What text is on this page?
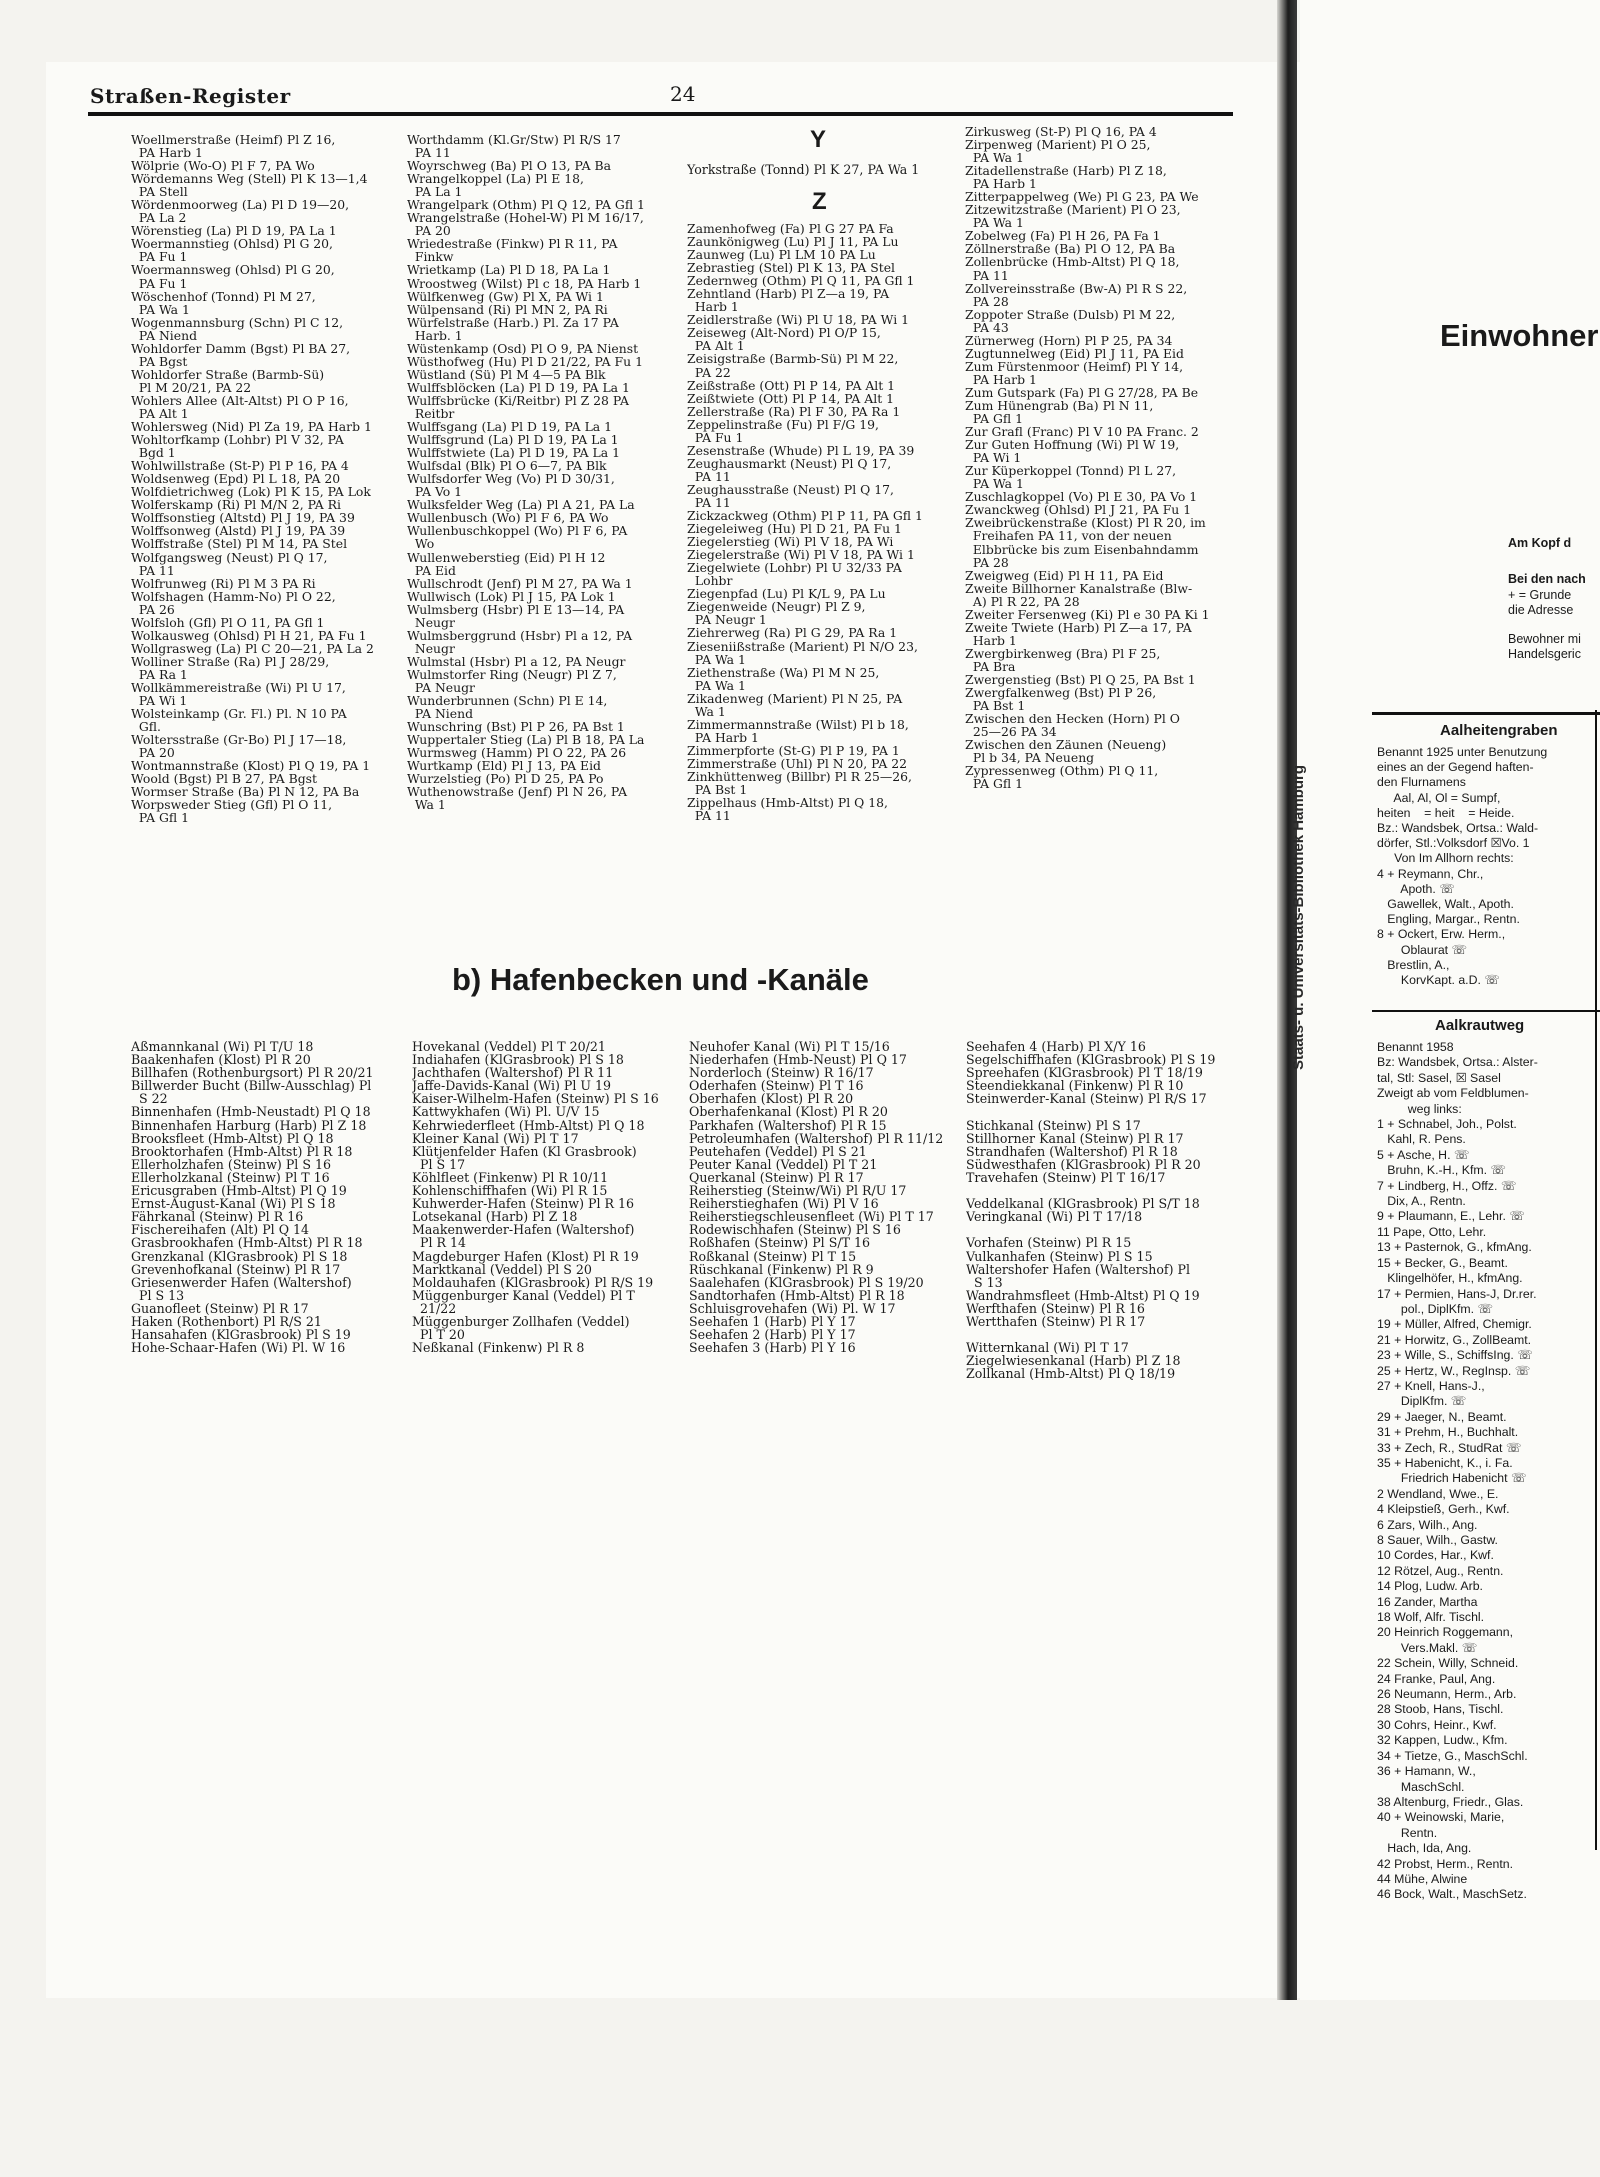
Straßen-Register	24
Woellmerstraße (Heimf) Pl Z 16,
PA Harb 1
Wölprie (Wo-O) Pl F 7, PA Wo
Wördemanns Weg (Stell) Pl K 13—1,4
PA Stell
Wördenmoorweg (La) Pl D 19—20,
PA La 2
Wörenstieg (La) Pl D 19, PA La 1
Woermannstieg (Ohlsd) Pl G 20,
PA Fu 1
Woermannsweg (Ohlsd) Pl G 20,
PA Fu 1
Wöschenhof (Tonnd) Pl M 27,
PA Wa 1
Wogenmannsburg (Schn) Pl C 12,
PA Niend
Wohldorfer Damm (Bgst) Pl BA 27,
PA Bgst
Wohldorfer Straße (Barmb-Sü)
Pl M 20/21, PA 22
Wohlers Allee (Alt-Altst) Pl O P 16,
PA Alt 1
Wohlersweg (Nid) Pl Za 19, PA Harb 1
Wohltorfkamp (Lohbr) Pl V 32, PA
Bgd 1
Wohlwillstraße (St-P) Pl P 16, PA 4
Woldsenweg (Epd) Pl L 18, PA 20
Wolfdietrichweg (Lok) Pl K 15, PA Lok
Wolferskamp (Ri) Pl M/N 2, PA Ri
Wolffsonstieg (Altstd) Pl J 19, PA 39
Wolffsonweg (Alstd) Pl J 19, PA 39
Wolffstraße (Stel) Pl M 14, PA Stel
Wolfgangsweg (Neust) Pl Q 17,
PA 11
Wolfrunweg (Ri) Pl M 3 PA Ri
Wolfshagen (Hamm-No) Pl O 22,
PA 26
Wolfsloh (Gfl) Pl O 11, PA Gfl 1
Wolkausweg (Ohlsd) Pl H 21, PA Fu 1
Wollgrasweg (La) Pl C 20—21, PA La 2
Wolliner Straße (Ra) Pl J 28/29,
PA Ra 1
Wollkämmereistraße (Wi) Pl U 17,
PA Wi 1
Wolsteinkamp (Gr. Fl.) Pl. N 10 PA
Gfl.
Woltersstraße (Gr-Bo) Pl J 17—18,
PA 20
Wontmannstraße (Klost) Pl Q 19, PA 1
Woold (Bgst) Pl B 27, PA Bgst
Wormser Straße (Ba) Pl N 12, PA Ba
Worpsweder Stieg (Gfl) Pl O 11,
PA Gfl 1
Worthdamm (Kl.Gr/Stw) Pl R/S 17
PA 11
Woyrschweg (Ba) Pl O 13, PA Ba
Wrangelkoppel (La) Pl E 18,
PA La 1
Wrangelpark (Othm) Pl Q 12, PA Gfl 1
Wrangelstraße (Hohel-W) Pl M 16/17,
PA 20
Wriedestraße (Finkw) Pl R 11, PA
Finkw
Wrietkamp (La) Pl D 18, PA La 1
Wroostweg (Wilst) Pl c 18, PA Harb 1
Wülfkenweg (Gw) Pl X, PA Wi 1
Wülpensand (Ri) Pl MN 2, PA Ri
Würfelstraße (Harb.) Pl. Za 17 PA
Harb. 1
Wüstenkamp (Osd) Pl O 9, PA Nienst
Wüsthofweg (Hu) Pl D 21/22, PA Fu 1
Wüstland (Sü) Pl M 4—5 PA Blk
Wulffsblöcken (La) Pl D 19, PA La 1
Wulffsbrücke (Ki/Reitbr) Pl Z 28 PA
Reitbr
Wulffsgang (La) Pl D 19, PA La 1
Wulffsgrund (La) Pl D 19, PA La 1
Wulffstwiete (La) Pl D 19, PA La 1
Wulfsdal (Blk) Pl O 6—7, PA Blk
Wulfsdorfer Weg (Vo) Pl D 30/31,
PA Vo 1
Wulksfelder Weg (La) Pl A 21, PA La
Wullenbusch (Wo) Pl F 6, PA Wo
Wullenbuschkoppel (Wo) Pl F 6, PA
Wo
Wullenweberstieg (Eid) Pl H 12
PA Eid
Wullschrodt (Jenf) Pl M 27, PA Wa 1
Wullwisch (Lok) Pl J 15, PA Lok 1
Wulmsberg (Hsbr) Pl E 13—14, PA
Neugr
Wulmsberggrund (Hsbr) Pl a 12, PA
Neugr
Wulmstal (Hsbr) Pl a 12, PA Neugr
Wulmstorfer Ring (Neugr) Pl Z 7,
PA Neugr
Wunderbrunnen (Schn) Pl E 14,
PA Niend
Wunschring (Bst) Pl P 26, PA Bst 1
Wuppertaler Stieg (La) Pl B 18, PA La
Wurmsweg (Hamm) Pl O 22, PA 26
Wurtkamp (Eld) Pl J 13, PA Eid
Wurzelstieg (Po) Pl D 25, PA Po
Wuthenowstraße (Jenf) Pl N 26, PA
Wa 1
Y
Yorkstraße (Tonnd) Pl K 27, PA Wa 1
Z
Zamenhofweg (Fa) Pl G 27 PA Fa
Zaunkönigweg (Lu) Pl J 11, PA Lu
Zaunweg (Lu) Pl LM 10 PA Lu
Zebrastieg (Stel) Pl K 13, PA Stel
Zedernweg (Othm) Pl Q 11, PA Gfl 1
Zehntland (Harb) Pl Z—a 19, PA
Harb 1
Zeidlerstraße (Wi) Pl U 18, PA Wi 1
Zeiseweg (Alt-Nord) Pl O/P 15,
PA Alt 1
Zeisigstraße (Barmb-Sü) Pl M 22,
PA 22
Zeißstraße (Ott) Pl P 14, PA Alt 1
Zeißtwiete (Ott) Pl P 14, PA Alt 1
Zellerstraße (Ra) Pl F 30, PA Ra 1
Zeppelinstraße (Fu) Pl F/G 19,
PA Fu 1
Zesenstraße (Whude) Pl L 19, PA 39
Zeughausmarkt (Neust) Pl Q 17,
PA 11
Zeughausstraße (Neust) Pl Q 17,
PA 11
Zickzackweg (Othm) Pl P 11, PA Gfl 1
Ziegeleiweg (Hu) Pl D 21, PA Fu 1
Ziegelerstieg (Wi) Pl V 18, PA Wi
Ziegelerstraße (Wi) Pl V 18, PA Wi 1
Ziegelwiete (Lohbr) Pl U 32/33 PA
Lohbr
Ziegenpfad (Lu) Pl K/L 9, PA Lu
Ziegenweide (Neugr) Pl Z 9,
PA Neugr 1
Ziehrerweg (Ra) Pl G 29, PA Ra 1
Zieseniißstraße (Marient) Pl N/O 23,
PA Wa 1
Ziethenstraße (Wa) Pl M N 25,
PA Wa 1
Zikadenweg (Marient) Pl N 25, PA
Wa 1
Zimmermannstraße (Wilst) Pl b 18,
PA Harb 1
Zimmerpforte (St-G) Pl P 19, PA 1
Zimmerstraße (Uhl) Pl N 20, PA 22
Zinkhüttenweg (Billbr) Pl R 25—26,
PA Bst 1
Zippelhaus (Hmb-Altst) Pl Q 18,
PA 11
Zirkusweg (St-P) Pl Q 16, PA 4
Zirpenweg (Marient) Pl O 25,
PA Wa 1
Zitadellenstraße (Harb) Pl Z 18,
PA Harb 1
Zitterpappelweg (We) Pl G 23, PA We
Zitzewitzstraße (Marient) Pl O 23,
PA Wa 1
Zobelweg (Fa) Pl H 26, PA Fa 1
Zöllnerstraße (Ba) Pl O 12, PA Ba
Zollenbrücke (Hmb-Altst) Pl Q 18,
PA 11
Zollvereinsstraße (Bw-A) Pl R S 22,
PA 28
Zoppoter Straße (Dulsb) Pl M 22,
PA 43
Zürnerweg (Horn) Pl P 25, PA 34
Zugtunnelweg (Eid) Pl J 11, PA Eid
Zum Fürstenmoor (Heimf) Pl Y 14,
PA Harb 1
Zum Gutspark (Fa) Pl G 27/28, PA Be
Zum Hünengrab (Ba) Pl N 11,
PA Gfl 1
Zur Grafl (Franc) Pl V 10 PA Franc. 2
Zur Guten Hoffnung (Wi) Pl W 19,
PA Wi 1
Zur Küperkoppel (Tonnd) Pl L 27,
PA Wa 1
Zuschlagkoppel (Vo) Pl E 30, PA Vo 1
Zwanckweg (Ohlsd) Pl J 21, PA Fu 1
Zweibrückenstraße (Klost) Pl R 20, im
Freihafen PA 11, von der neuen
Elbbrücke bis zum Eisenbahndamm
PA 28
Zweigweg (Eid) Pl H 11, PA Eid
Zweite Billhorner Kanalstraße (Blw-
A) Pl R 22, PA 28
Zweiter Fersenweg (Ki) Pl e 30 PA Ki 1
Zweite Twiete (Harb) Pl Z—a 17, PA
Harb 1
Zwergbirkenweg (Bra) Pl F 25,
PA Bra
Zwergenstieg (Bst) Pl Q 25, PA Bst 1
Zwergfalkenweg (Bst) Pl P 26,
PA Bst 1
Zwischen den Hecken (Horn) Pl O
25—26 PA 34
Zwischen den Zäunen (Neueng)
Pl b 34, PA Neueng
Zypressenweg (Othm) Pl Q 11,
PA Gfl 1
b) Hafenbecken und -Kanäle
Aßmannkanal (Wi) Pl T/U 18
Baakenhafen (Klost) Pl R 20
Billhafen (Rothenburgsort) Pl R 20/21
Billwerder Bucht (Billw-Ausschlag) Pl
S 22
Binnenhafen (Hmb-Neustadt) Pl Q 18
Binnenhafen Harburg (Harb) Pl Z 18
Brooksfleet (Hmb-Altst) Pl Q 18
Brooktorhafen (Hmb-Altst) Pl R 18
Ellerholzhafen (Steinw) Pl S 16
Ellerholzkanal (Steinw) Pl T 16
Ericusgraben (Hmb-Altst) Pl Q 19
Ernst-August-Kanal (Wi) Pl S 18
Fährkanal (Steinw) Pl R 16
Fischereihafen (Alt) Pl Q 14
Grasbrookhafen (Hmb-Altst) Pl R 18
Grenzkanal (KlGrasbrook) Pl S 18
Grevenhofkanal (Steinw) Pl R 17
Griesenwerder Hafen (Waltershof)
Pl S 13
Guanofleet (Steinw) Pl R 17
Haken (Rothenbort) Pl R/S 21
Hansahafen (KlGrasbrook) Pl S 19
Hohe-Schaar-Hafen (Wi) Pl. W 16
Hovekanal (Veddel) Pl T 20/21
Indiahafen (KlGrasbrook) Pl S 18
Jachthafen (Waltershof) Pl R 11
Jaffe-Davids-Kanal (Wi) Pl U 19
Kaiser-Wilhelm-Hafen (Steinw) Pl S 16
Kattwykhafen (Wi) Pl. U/V 15
Kehrwiederfleet (Hmb-Altst) Pl Q 18
Kleiner Kanal (Wi) Pl T 17
Klütjenfelder Hafen (Kl Grasbrook)
Pl S 17
Köhlfleet (Finkenw) Pl R 10/11
Kohlenschiffhafen (Wi) Pl R 15
Kuhwerder-Hafen (Steinw) Pl R 16
Lotsekanal (Harb) Pl Z 18
Maakenwerder-Hafen (Waltershof)
Pl R 14
Magdeburger Hafen (Klost) Pl R 19
Marktkanal (Veddel) Pl S 20
Moldauhafen (KlGrasbrook) Pl R/S 19
Müggenburger Kanal (Veddel) Pl T
21/22
Müggenburger Zollhafen (Veddel)
Pl T 20
Neßkanal (Finkenw) Pl R 8
Neuhofer Kanal (Wi) Pl T 15/16
Niederhafen (Hmb-Neust) Pl Q 17
Norderloch (Steinw) R 16/17
Oderhafen (Steinw) Pl T 16
Oberhafen (Klost) Pl R 20
Oberhafenkanal (Klost) Pl R 20
Parkhafen (Waltershof) Pl R 15
Petroleumhafen (Waltershof) Pl R 11/12
Peutehafen (Veddel) Pl S 21
Peuter Kanal (Veddel) Pl T 21
Querkanal (Steinw) Pl R 17
Reiherstieg (Steinw/Wi) Pl R/U 17
Reiherstieghafen (Wi) Pl V 16
Reiherstiegschleusenfleet (Wi) Pl T 17
Rodewischhafen (Steinw) Pl S 16
Roßhafen (Steinw) Pl S/T 16
Roßkanal (Steinw) Pl T 15
Rüschkanal (Finkenw) Pl R 9
Saalehafen (KlGrasbrook) Pl S 19/20
Sandtorhafen (Hmb-Altst) Pl R 18
Schluisgrovehafen (Wi) Pl. W 17
Seehafen 1 (Harb) Pl Y 17
Seehafen 2 (Harb) Pl Y 17
Seehafen 3 (Harb) Pl Y 16
Seehafen 4 (Harb) Pl X/Y 16
Segelschiffhafen (KlGrasbrook) Pl S 19
Spreehafen (KlGrasbrook) Pl T 18/19
Steendiekkanal (Finkenw) Pl R 10
Steinwerder-Kanal (Steinw) Pl R/S 17

Stichkanal (Steinw) Pl S 17
Stillhorner Kanal (Steinw) Pl R 17
Strandhafen (Waltershof) Pl R 18
Südwesthafen (KlGrasbrook) Pl R 20
Travehafen (Steinw) Pl T 16/17

Veddelkanal (KlGrasbrook) Pl S/T 18
Veringkanal (Wi) Pl T 17/18

Vorhafen (Steinw) Pl R 15
Vulkanhafen (Steinw) Pl S 15
Waltershofer Hafen (Waltershof) Pl
S 13
Wandrahmsfleet (Hmb-Altst) Pl Q 19
Werfthafen (Steinw) Pl R 16
Wertthafen (Steinw) Pl R 17

Witternkanal (Wi) Pl T 17
Ziegelwiesenkanal (Harb) Pl Z 18
Zollkanal (Hmb-Altst) Pl Q 18/19
Einwohner
Am Kopf d
Bei den nach
+ = Grunde
die Adresse
Bewohner mi
Handelsgeric
Aalheitengraben
Benannt 1925 unter Benutzung
eines an der Gegend haften-
den Flurnamens
Aal, Al, Ol = Sumpf,
heiten    = heit    = Heide.
Bz.: Wandsbek, Ortsa.: Wald-
dörfer, Stl.:Volksdorf ☒Vo. 1
Von Im Allhorn rechts:
4 + Reymann, Chr.,
Apoth. ☏
Gawellek, Walt., Apoth.
Engling, Margar., Rentn.
8 + Ockert, Erw. Herm.,
Oblaurat ☏
Brestlin, A.,
KorvKapt. a.D. ☏
Aalkrautweg
Benannt 1958
Bz: Wandsbek, Ortsa.: Alster-
tal, Stl: Sasel, ☒ Sasel
Zweigt ab vom Feldblumen-
weg links:
1 + Schnabel, Joh., Polst.
Kahl, R. Pens.
5 + Asche, H. ☏
Bruhn, K.-H., Kfm. ☏
7 + Lindberg, H., Offz. ☏
Dix, A., Rentn.
9 + Plaumann, E., Lehr. ☏
11 Pape, Otto, Lehr.
13 + Pasternok, G., kfmAng.
15 + Becker, G., Beamt.
Klingelhöfer, H., kfmAng.
17 + Permien, Hans-J, Dr.rer.
pol., DiplKfm. ☏
19 + Müller, Alfred, Chemigr.
21 + Horwitz, G., ZollBeamt.
23 + Wille, S., SchiffsIng. ☏
25 + Hertz, W., RegInsp. ☏
27 + Knell, Hans-J.,
DiplKfm. ☏
29 + Jaeger, N., Beamt.
31 + Prehm, H., Buchhalt.
33 + Zech, R., StudRat ☏
35 + Habenicht, K., i. Fa.
Friedrich Habenicht ☏
2 Wendland, Wwe., E.
4 Kleipstieß, Gerh., Kwf.
6 Zars, Wilh., Ang.
8 Sauer, Wilh., Gastw.
10 Cordes, Har., Kwf.
12 Rötzel, Aug., Rentn.
14 Plog, Ludw. Arb.
16 Zander, Martha
18 Wolf, Alfr. Tischl.
20 Heinrich Roggemann,
Vers.Makl. ☏
22 Schein, Willy, Schneid.
24 Franke, Paul, Ang.
26 Neumann, Herm., Arb.
28 Stoob, Hans, Tischl.
30 Cohrs, Heinr., Kwf.
32 Kappen, Ludw., Kfm.
34 + Tietze, G., MaschSchl.
36 + Hamann, W.,
MaschSchl.
38 Altenburg, Friedr., Glas.
40 + Weinowski, Marie,
Rentn.
Hach, Ida, Ang.
42 Probst, Herm., Rentn.
44 Mühe, Alwine
46 Bock, Walt., MaschSetz.
Staats- u. Universitäts-Bibliothek Hamburg
